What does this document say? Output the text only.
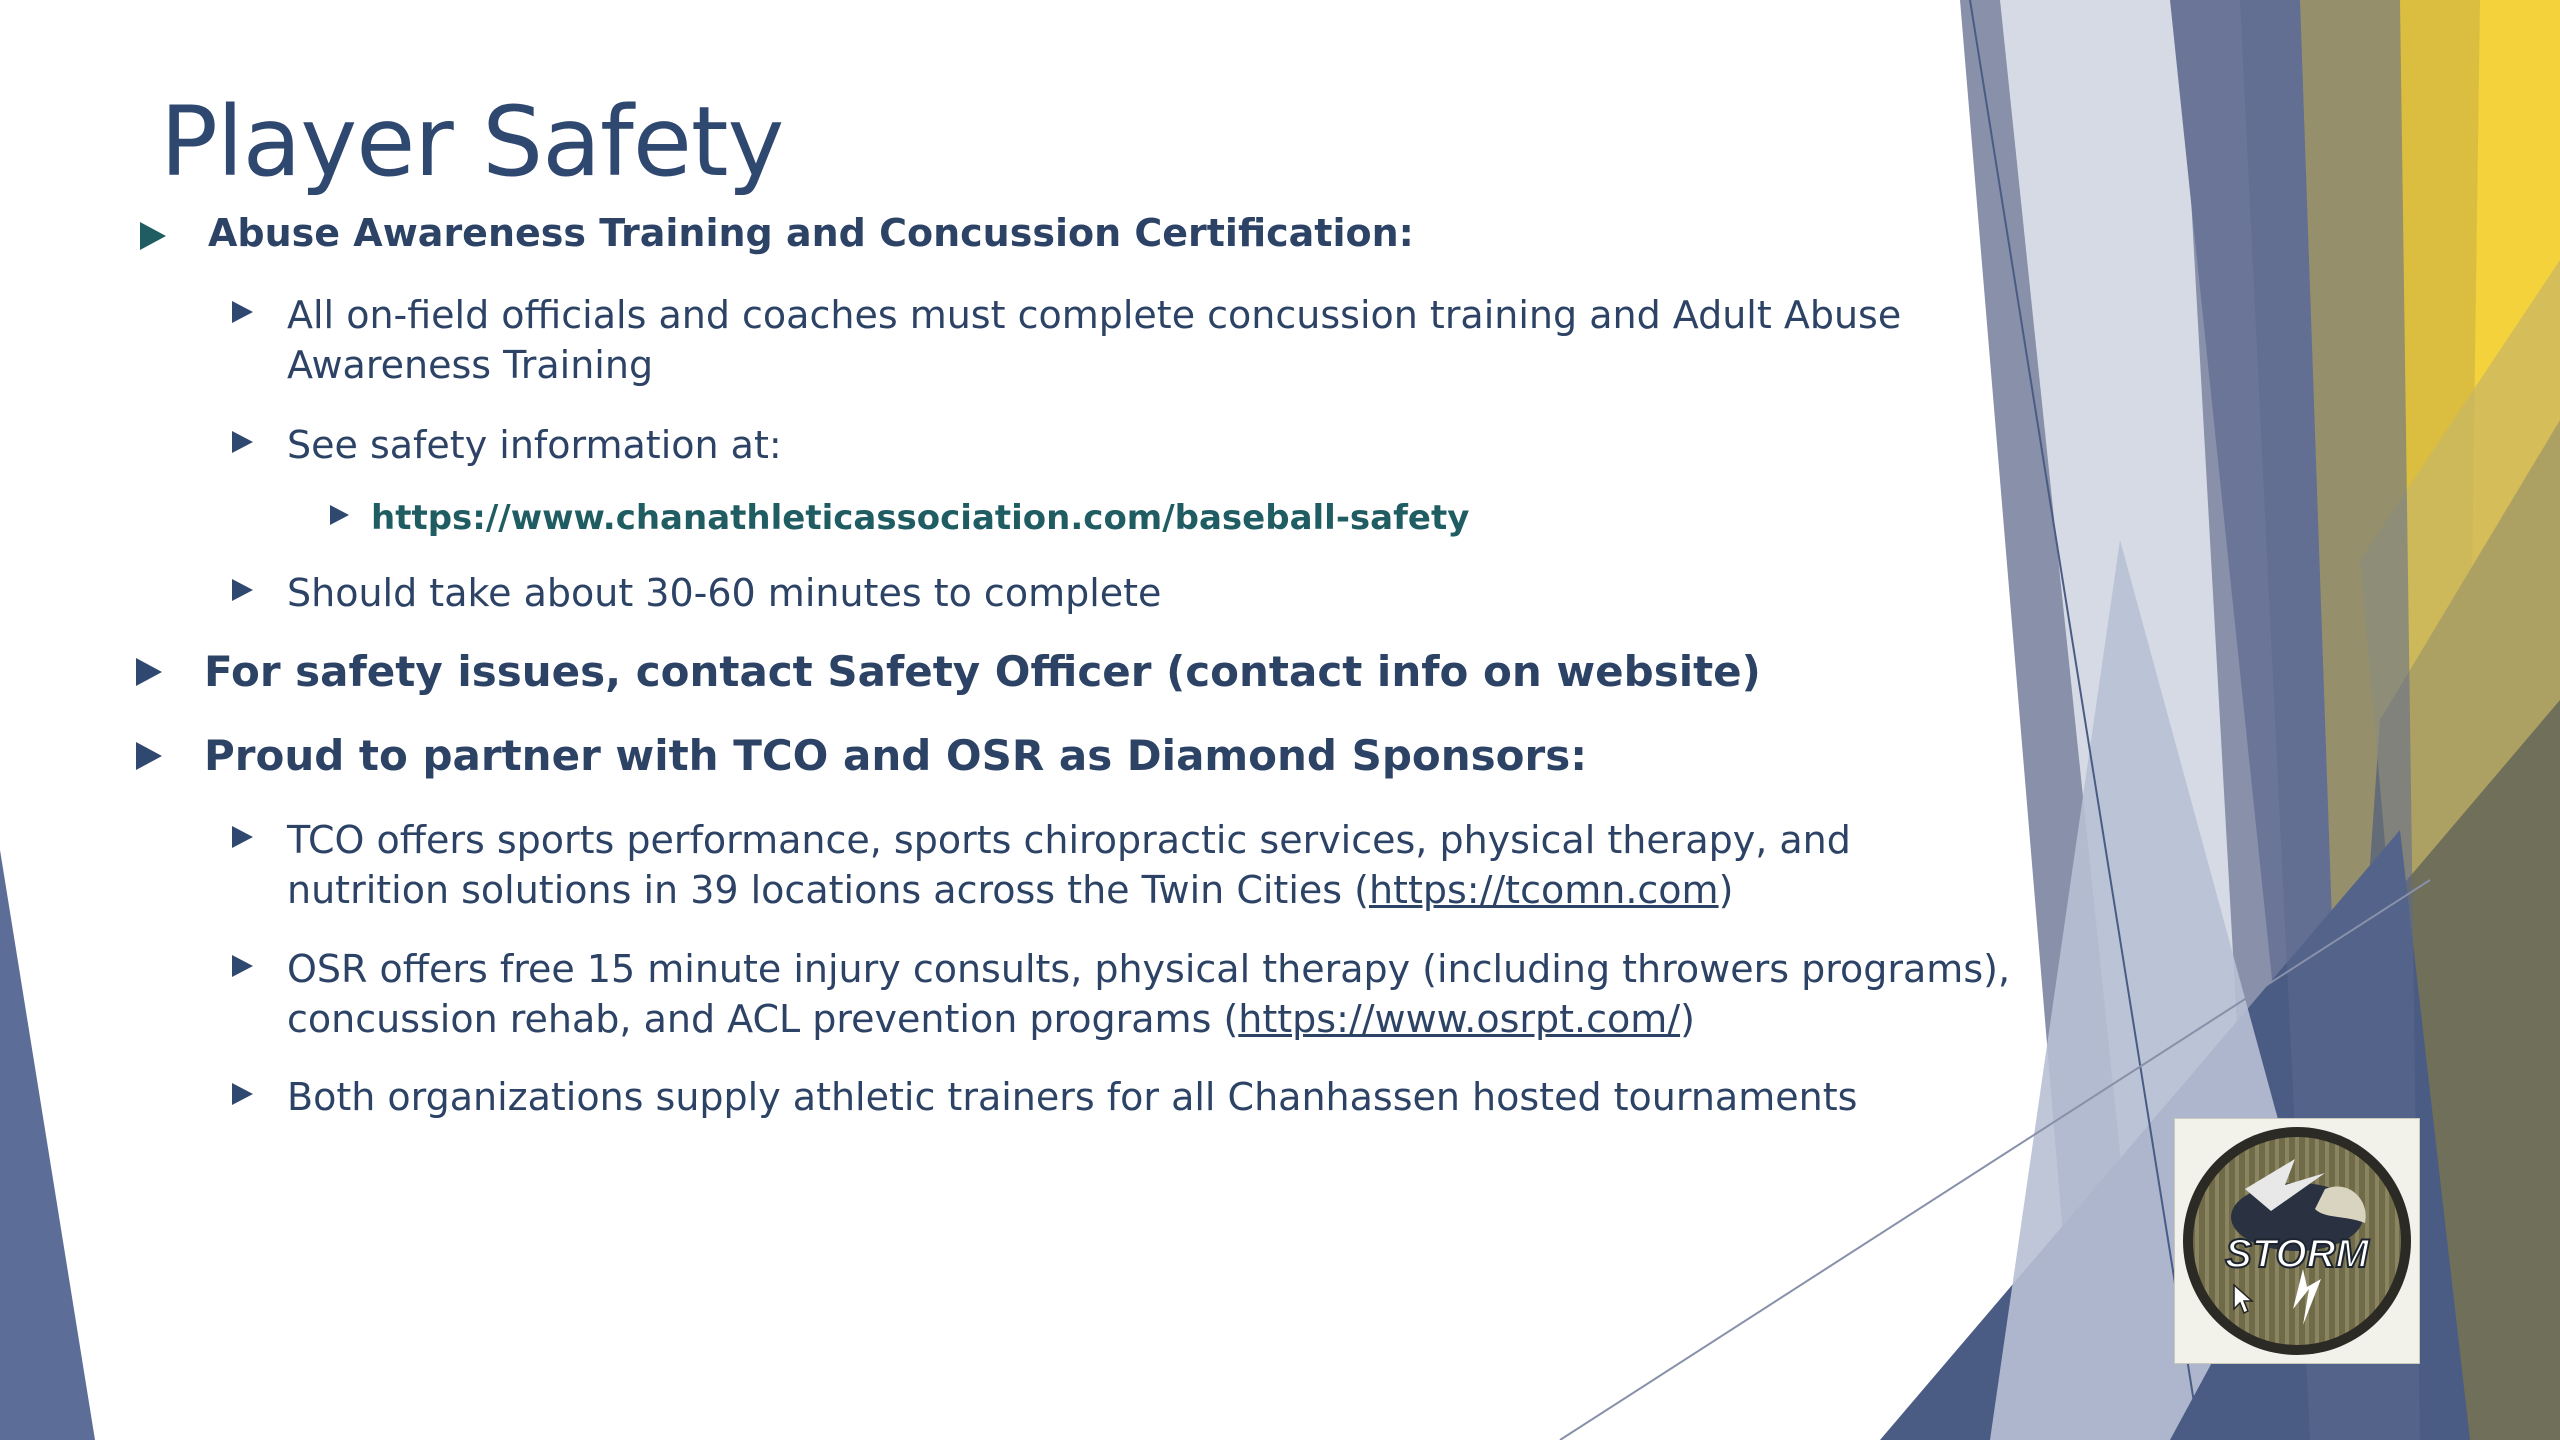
Player Safety
Abuse Awareness Training and Concussion Certification:
All on-field officials and coaches must complete concussion training and Adult Abuse
Awareness Training
See safety information at:
https://www.chanathleticassociation.com/baseball-safety
Should take about 30-60 minutes to complete
For safety issues, contact Safety Officer (contact info on website)
Proud to partner with TCO and OSR as Diamond Sponsors:
TCO offers sports performance, sports chiropractic services, physical therapy, and
nutrition solutions in 39 locations across the Twin Cities (https://tcomn.com)
OSR offers free 15 minute injury consults, physical therapy (including throwers programs),
concussion rehab, and ACL prevention programs (https://www.osrpt.com/)
Both organizations supply athletic trainers for all Chanhassen hosted tournaments
STORM
